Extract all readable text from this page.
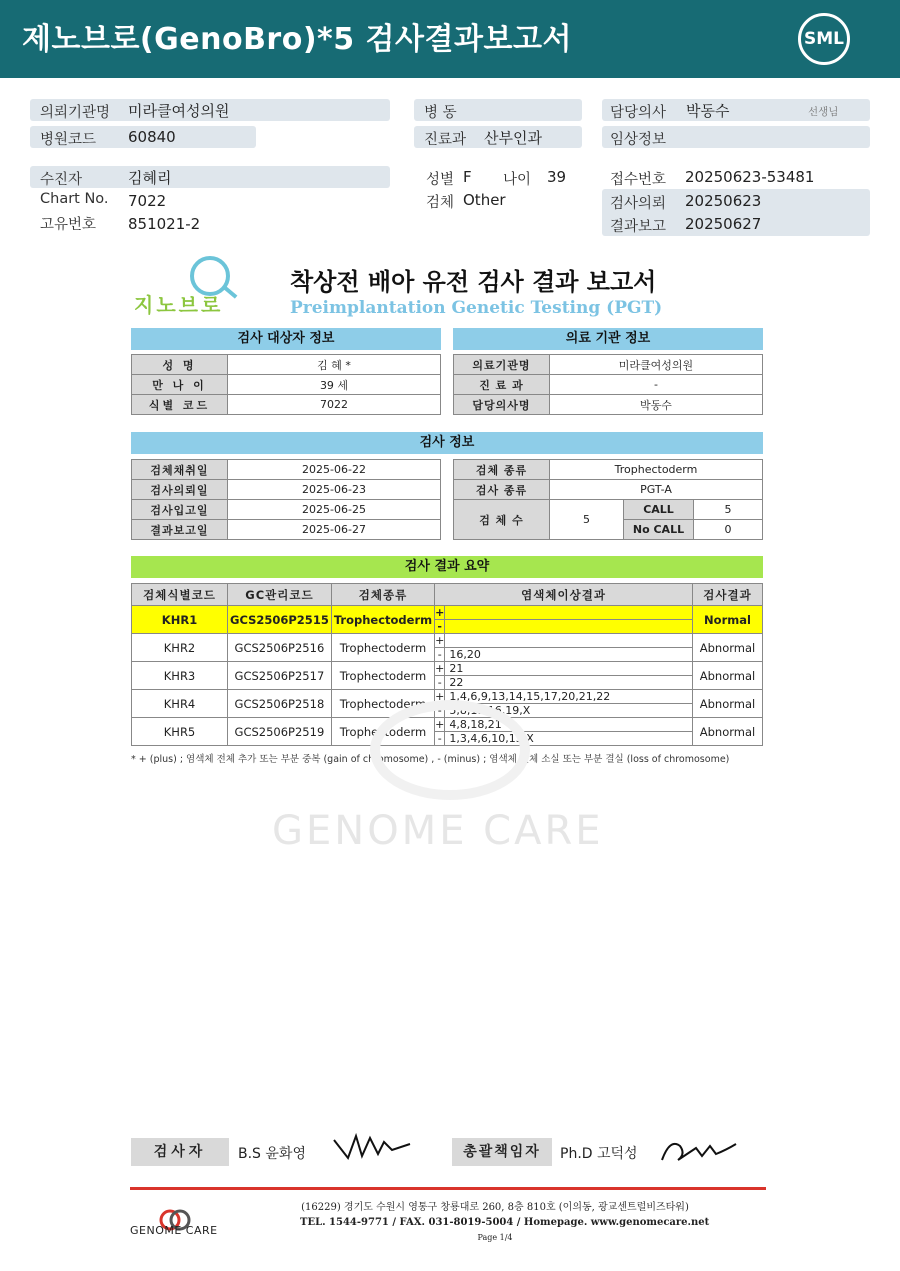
제노브로(GenoBro)*5 검사결과보고서	SML
의뢰기관명 미라클여성의원
병원코드 60840
병 동
진료과 산부인과
담당의사 박동수	선생님
임상정보
수진자	김혜리
Chart No. 7022
고유번호 851021-2
성별 F 나이 39
검체 Other
접수번호 20250623-53481
검사의뢰 20250623
결과보고 20250627
지노브로
착상전 배아 유전 검사 결과 보고서
Preimplantation Genetic Testing (PGT)
검사 대상자 정보
성 명	김 혜 *
만 나 이	39 세
식별 코드	7022
의료 기관 정보
의료기관명	미라클여성의원
진 료 과	-
담당의사명	박동수
검사 정보
검체채취일	2025-06-22
검사의뢰일	2025-06-23
검사입고일	2025-06-25
결과보고일	2025-06-27
검체 종류	Trophectoderm		
검사 종류	PGT-A		
검 체 수	5	CALL	5
		No CALL	0
검사 결과 요약
검체식별코드	GC관리코드	검체종류	염색체이상결과		검사결과
KHR1	GCS2506P2515	Trophectoderm	+		Normal
			-		
KHR2	GCS2506P2516	Trophectoderm	+		Abnormal
			-	16,20	
KHR3	GCS2506P2517	Trophectoderm	+	21	Abnormal
			-	22	
KHR4	GCS2506P2518	Trophectoderm	+	1,4,6,9,13,14,15,17,20,21,22	Abnormal
			-	5,8,11,16,19,X	
KHR5	GCS2506P2519	Trophectoderm	+	4,8,18,21	Abnormal
			-	1,3,4,6,10,13,X	
* + (plus) ; 염색체 전체 추가 또는 부분 중복 (gain of chromosome) , - (minus) ; 염색체 전체 소실 또는 부분 결실 (loss of chromosome)
GENOME CARE
검사자	B.S 윤화영	총괄책임자	Ph.D 고덕성
GENOME CARE
(16229) 경기도 수원시 영통구 창룡대로 260, 8층 810호 (이의동, 광교센트럴비즈타워)
TEL. 1544-9771 / FAX. 031-8019-5004 / Homepage. www.genomecare.net
Page 1/4
